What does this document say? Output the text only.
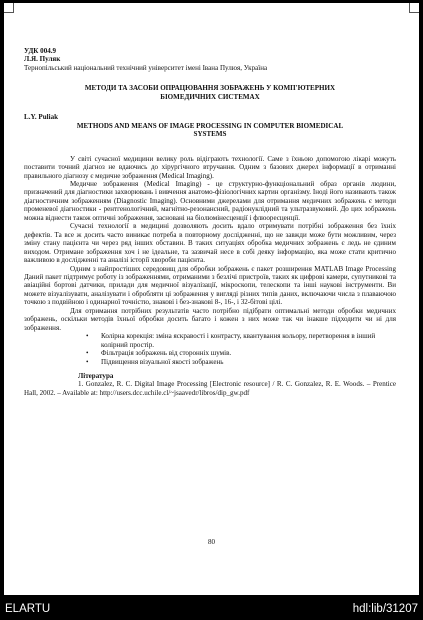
УДК 004.9

Л.Я. Пуляк

Тернопільський національний технічний університет імені Івана Пулюя, Україна

МЕТОДИ ТА ЗАСОБИ ОПРАЦЮВАННЯ ЗОБРАЖЕНЬ У КОМП'ЮТЕРНИХ БІОМЕДИЧНИХ СИСТЕМАХ

L.Y. Puliak

METHODS AND MEANS OF IMAGE PROCESSING IN COMPUTER BIOMEDICAL SYSTEMS

У світі сучасної медицини велику роль відіграють технології. Саме з їхньою допомогою лікарі можуть поставити точний діагноз не вдаючись до хірургічного втручання. Одним з базових джерел інформації в отриманні правильного діагнозу є медичне зображення (Medical Imaging).

Медичне зображення (Medical Imaging) - це структурно-функціональний образ органів людини, призначений для діагностики захворювань і вивчення анатомо-фізіологічних картин організму. Іноді його називають також діагностичним зображенням (Diagnostic Imaging). Основними джерелами для отримання медичних зображень є методи променевої діагностики - рентгенологічний, магнітно-резонансний, радіонуклідний та ультразвуковий. До цих зображень можна віднести також оптичні зображення, засновані на біолюмінесценції і флюоресценції.

Сучасні технології в медицині дозволяють досить вдало отримувати потрібні зображення без їхніх дефектів. Та все ж досить часто виникає потреба в повторному дослідженні, що не завжди може бути можливим, через зміну стану пацієнта чи через ряд інших обставин. В таких ситуаціях обробка медичних зображень є ледь не єдиним виходом. Отримане зображення хоч і не ідеальне, та зазвичай несе в собі деяку інформацію, яка може стати критично важливою в дослідженні та аналізі історії хвороби пацієнта.

Одним з найпростіших середовищ для обробки зображень є пакет розширення MATLAB Image Processing Даний пакет підтримує роботу із зображеннями, отриманими з безлічі пристроїв, таких як цифрові камери, супутникові та авіаційні бортові датчики, прилади для медичної візуалізації, мікроскопи, телескопи та інші наукові інструменти. Ви можете візуалізувати, аналізувати і обробляти ці зображення у вигляді різних типів даних, включаючи числа з плаваючою точкою з подвійною і одинарної точністю, знакові і без-знакові 8-, 16-, і 32-бітові цілі.

Для отримання потрібних результатів часто потрібно підібрати оптимальні методи обробки медичних зображень, оскільки методів їхньої обробки досить багато і кожен з них може так чи інакше підходити чи ні для зображення.

• Колірна корекція: зміна яскравості і контрасту, квантування кольору, перетворення в інший колірний простір.
• Фільтрація зображень від сторонніх шумів.
• Підвищення візуальної якості зображень

Література

1. Gonzalez, R. C. Digital Image Processing [Electronic resource] / R. C. Gonzalez, R. E. Woods. – Prentice Hall, 2002. – Available at: http://users.dcc.uchile.cl/~jsaavedr/libros/dip_gw.pdf

80
ELARTU	hdl:lib/31207
